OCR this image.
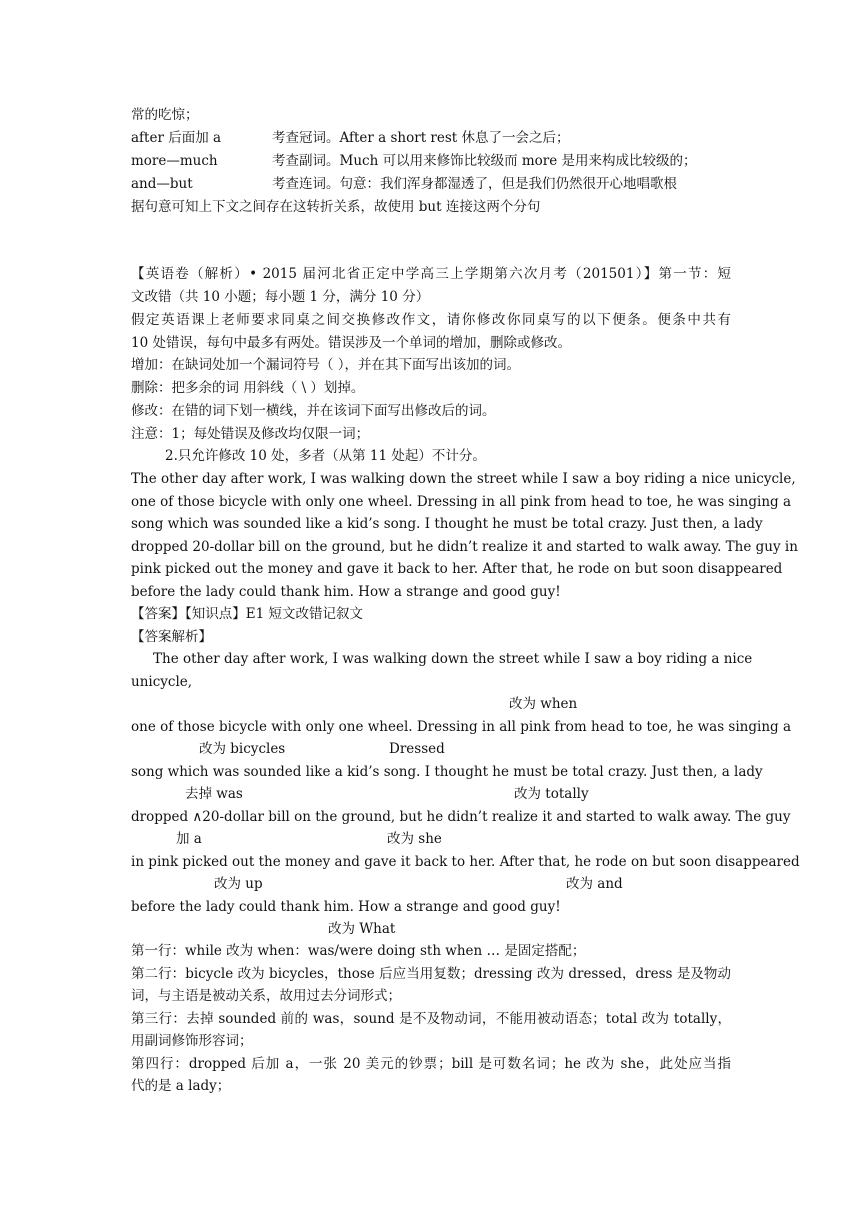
常的吃惊；
after 后面加 a	考查冠词。After a short rest 休息了一会之后；
more—much	考查副词。Much 可以用来修饰比较级而 more 是用来构成比较级的；
and—but	考查连词。句意：我们浑身都湿透了，但是我们仍然很开心地唱歌根
据句意可知上下文之间存在这转折关系，故使用 but 连接这两个分句
【英语卷（解析）• 2015 届河北省正定中学高三上学期第六次月考（201501）】第一节：短
文改错（共 10 小题；每小题 1 分，满分 10 分）
假定英语课上老师要求同桌之间交换修改作文，请你修改你同桌写的以下便条。便条中共有
10 处错误，每句中最多有两处。错误涉及一个单词的增加，删除或修改。
增加：在缺词处加一个漏词符号（ ），并在其下面写出该加的词。
删除：把多余的词 用斜线（ \ ）划掉。
修改：在错的词下划一横线，并在该词下面写出修改后的词。
注意：1；每处错误及修改均仅限一词；
2.只允许修改 10 处，多者（从第 11 处起）不计分。
The other day after work, I was walking down the street while I saw a boy riding a nice unicycle,
one of those bicycle with only one wheel. Dressing in all pink from head to toe, he was singing a
song which was sounded like a kid’s song. I thought he must be total crazy. Just then, a lady
dropped 20-dollar bill on the ground, but he didn’t realize it and started to walk away. The guy in
pink picked out the money and gave it back to her. After that, he rode on but soon disappeared
before the lady could thank him. How a strange and good guy!
【答案】【知识点】E1 短文改错记叙文
【答案解析】
The other day after work, I was walking down the street while I saw a boy riding a nice
unicycle,
改为 when
one of those bicycle with only one wheel. Dressing in all pink from head to toe, he was singing a
改为 bicycles	Dressed
song which was sounded like a kid’s song. I thought he must be total crazy. Just then, a lady
去掉 was	改为 totally
dropped ∧20-dollar bill on the ground, but he didn’t realize it and started to walk away. The guy
加 a	改为 she
in pink picked out the money and gave it back to her. After that, he rode on but soon disappeared
改为 up	改为 and
before the lady could thank him. How a strange and good guy!
改为 What
第一行：while 改为 when：was/were doing sth when … 是固定搭配；
第二行：bicycle 改为 bicycles，those 后应当用复数；dressing 改为 dressed，dress 是及物动
词，与主语是被动关系，故用过去分词形式；
第三行：去掉 sounded 前的 was，sound 是不及物动词，不能用被动语态；total 改为 totally，
用副词修饰形容词；
第四行：dropped 后加 a，一张 20 美元的钞票；bill 是可数名词；he 改为 she，此处应当指
代的是 a lady；
